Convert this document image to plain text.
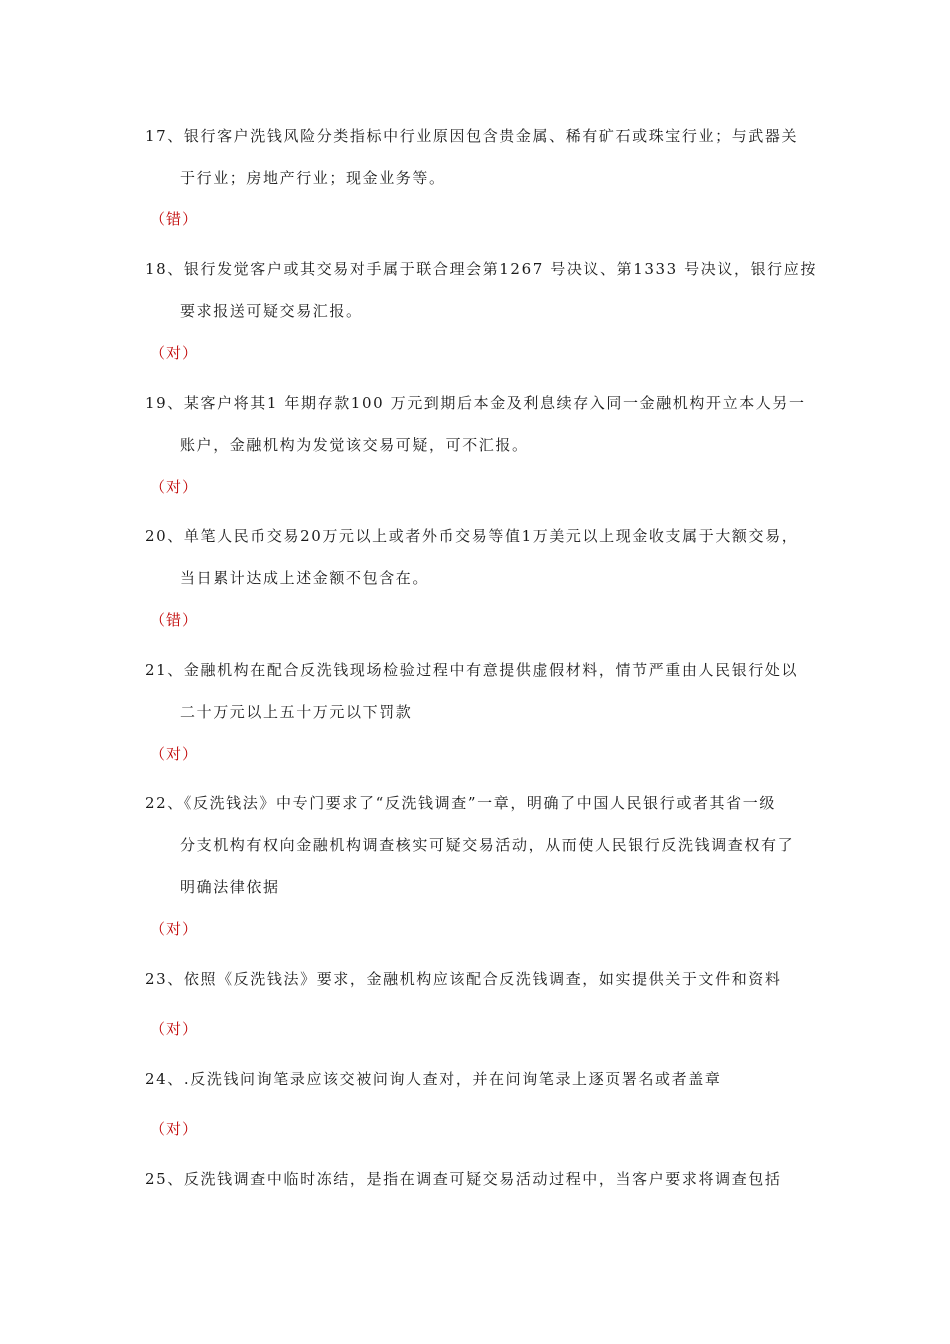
17、银行客户洗钱风险分类指标中行业原因包含贵金属、稀有矿石或珠宝行业；与武器关
于行业；房地产行业；现金业务等。
（错）
18、银行发觉客户或其交易对手属于联合理会第1267 号决议、第1333 号决议，银行应按
要求报送可疑交易汇报。
（对）
19、某客户将其1 年期存款100 万元到期后本金及利息续存入同一金融机构开立本人另一
账户，金融机构为发觉该交易可疑，可不汇报。
（对）
20、单笔人民币交易20万元以上或者外币交易等值1万美元以上现金收支属于大额交易，
当日累计达成上述金额不包含在。
（错）
21、金融机构在配合反洗钱现场检验过程中有意提供虚假材料，情节严重由人民银行处以
二十万元以上五十万元以下罚款
（对）
22、《反洗钱法》中专门要求了“反洗钱调查”一章，明确了中国人民银行或者其省一级
分支机构有权向金融机构调查核实可疑交易活动，从而使人民银行反洗钱调查权有了
明确法律依据
（对）
23、依照《反洗钱法》要求，金融机构应该配合反洗钱调查，如实提供关于文件和资料
（对）
24、.反洗钱问询笔录应该交被问询人查对，并在问询笔录上逐页署名或者盖章
（对）
25、反洗钱调查中临时冻结，是指在调查可疑交易活动过程中，当客户要求将调查包括
